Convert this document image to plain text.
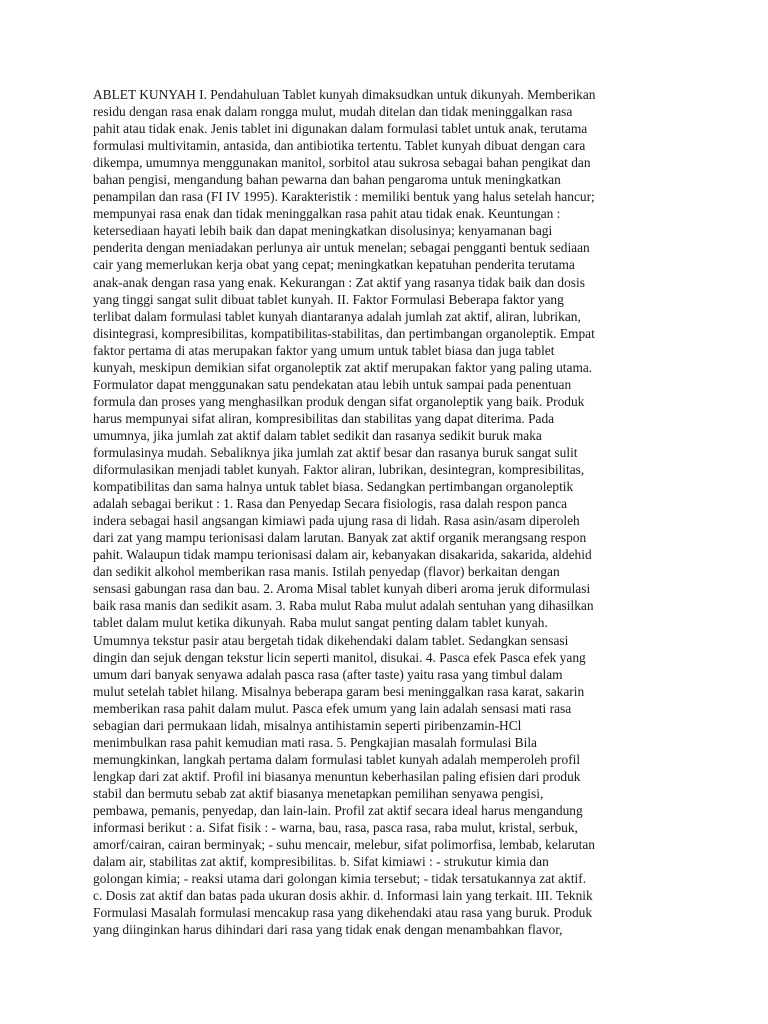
ABLET KUNYAH I. Pendahuluan Tablet kunyah dimaksudkan untuk dikunyah. Memberikan
residu dengan rasa enak dalam rongga mulut, mudah ditelan dan tidak meninggalkan rasa
pahit atau tidak enak. Jenis tablet ini digunakan dalam formulasi tablet untuk anak, terutama
formulasi multivitamin, antasida, dan antibiotika tertentu. Tablet kunyah dibuat dengan cara
dikempa, umumnya menggunakan manitol, sorbitol atau sukrosa sebagai bahan pengikat dan
bahan pengisi, mengandung bahan pewarna dan bahan pengaroma untuk meningkatkan
penampilan dan rasa (FI IV 1995). Karakteristik : memiliki bentuk yang halus setelah hancur;
mempunyai rasa enak dan tidak meninggalkan rasa pahit atau tidak enak. Keuntungan :
ketersediaan hayati lebih baik dan dapat meningkatkan disolusinya; kenyamanan bagi
penderita dengan meniadakan perlunya air untuk menelan; sebagai pengganti bentuk sediaan
cair yang memerlukan kerja obat yang cepat; meningkatkan kepatuhan penderita terutama
anak-anak dengan rasa yang enak. Kekurangan : Zat aktif yang rasanya tidak baik dan dosis
yang tinggi sangat sulit dibuat tablet kunyah. II. Faktor Formulasi Beberapa faktor yang
terlibat dalam formulasi tablet kunyah diantaranya adalah jumlah zat aktif, aliran, lubrikan,
disintegrasi, kompresibilitas, kompatibilitas-stabilitas, dan pertimbangan organoleptik. Empat
faktor pertama di atas merupakan faktor yang umum untuk tablet biasa dan juga tablet
kunyah, meskipun demikian sifat organoleptik zat aktif merupakan faktor yang paling utama.
Formulator dapat menggunakan satu pendekatan atau lebih untuk sampai pada penentuan
formula dan proses yang menghasilkan produk dengan sifat organoleptik yang baik. Produk
harus mempunyai sifat aliran, kompresibilitas dan stabilitas yang dapat diterima. Pada
umumnya, jika jumlah zat aktif dalam tablet sedikit dan rasanya sedikit buruk maka
formulasinya mudah. Sebaliknya jika jumlah zat aktif besar dan rasanya buruk sangat sulit
diformulasikan menjadi tablet kunyah. Faktor aliran, lubrikan, desintegran, kompresibilitas,
kompatibilitas dan sama halnya untuk tablet biasa. Sedangkan pertimbangan organoleptik
adalah sebagai berikut : 1. Rasa dan Penyedap Secara fisiologis, rasa dalah respon panca
indera sebagai hasil angsangan kimiawi pada ujung rasa di lidah. Rasa asin/asam diperoleh
dari zat yang mampu terionisasi dalam larutan. Banyak zat aktif organik merangsang respon
pahit. Walaupun tidak mampu terionisasi dalam air, kebanyakan disakarida, sakarida, aldehid
dan sedikit alkohol memberikan rasa manis. Istilah penyedap (flavor) berkaitan dengan
sensasi gabungan rasa dan bau. 2. Aroma Misal tablet kunyah diberi aroma jeruk diformulasi
baik rasa manis dan sedikit asam. 3. Raba mulut Raba mulut adalah sentuhan yang dihasilkan
tablet dalam mulut ketika dikunyah. Raba mulut sangat penting dalam tablet kunyah.
Umumnya tekstur pasir atau bergetah tidak dikehendaki dalam tablet. Sedangkan sensasi
dingin dan sejuk dengan tekstur licin seperti manitol, disukai. 4. Pasca efek Pasca efek yang
umum dari banyak senyawa adalah pasca rasa (after taste) yaitu rasa yang timbul dalam
mulut setelah tablet hilang. Misalnya beberapa garam besi meninggalkan rasa karat, sakarin
memberikan rasa pahit dalam mulut. Pasca efek umum yang lain adalah sensasi mati rasa
sebagian dari permukaan lidah, misalnya antihistamin seperti piribenzamin-HCl
menimbulkan rasa pahit kemudian mati rasa. 5. Pengkajian masalah formulasi Bila
memungkinkan, langkah pertama dalam formulasi tablet kunyah adalah memperoleh profil
lengkap dari zat aktif. Profil ini biasanya menuntun keberhasilan paling efisien dari produk
stabil dan bermutu sebab zat aktif biasanya menetapkan pemilihan senyawa pengisi,
pembawa, pemanis, penyedap, dan lain-lain. Profil zat aktif secara ideal harus mengandung
informasi berikut : a. Sifat fisik : - warna, bau, rasa, pasca rasa, raba mulut, kristal, serbuk,
amorf/cairan, cairan berminyak; - suhu mencair, melebur, sifat polimorfisa, lembab, kelarutan
dalam air, stabilitas zat aktif, kompresibilitas. b. Sifat kimiawi : - strukutur kimia dan
golongan kimia; - reaksi utama dari golongan kimia tersebut; - tidak tersatukannya zat aktif.
c. Dosis zat aktif dan batas pada ukuran dosis akhir. d. Informasi lain yang terkait. III. Teknik
Formulasi Masalah formulasi mencakup rasa yang dikehendaki atau rasa yang buruk. Produk
yang diinginkan harus dihindari dari rasa yang tidak enak dengan menambahkan flavor,
